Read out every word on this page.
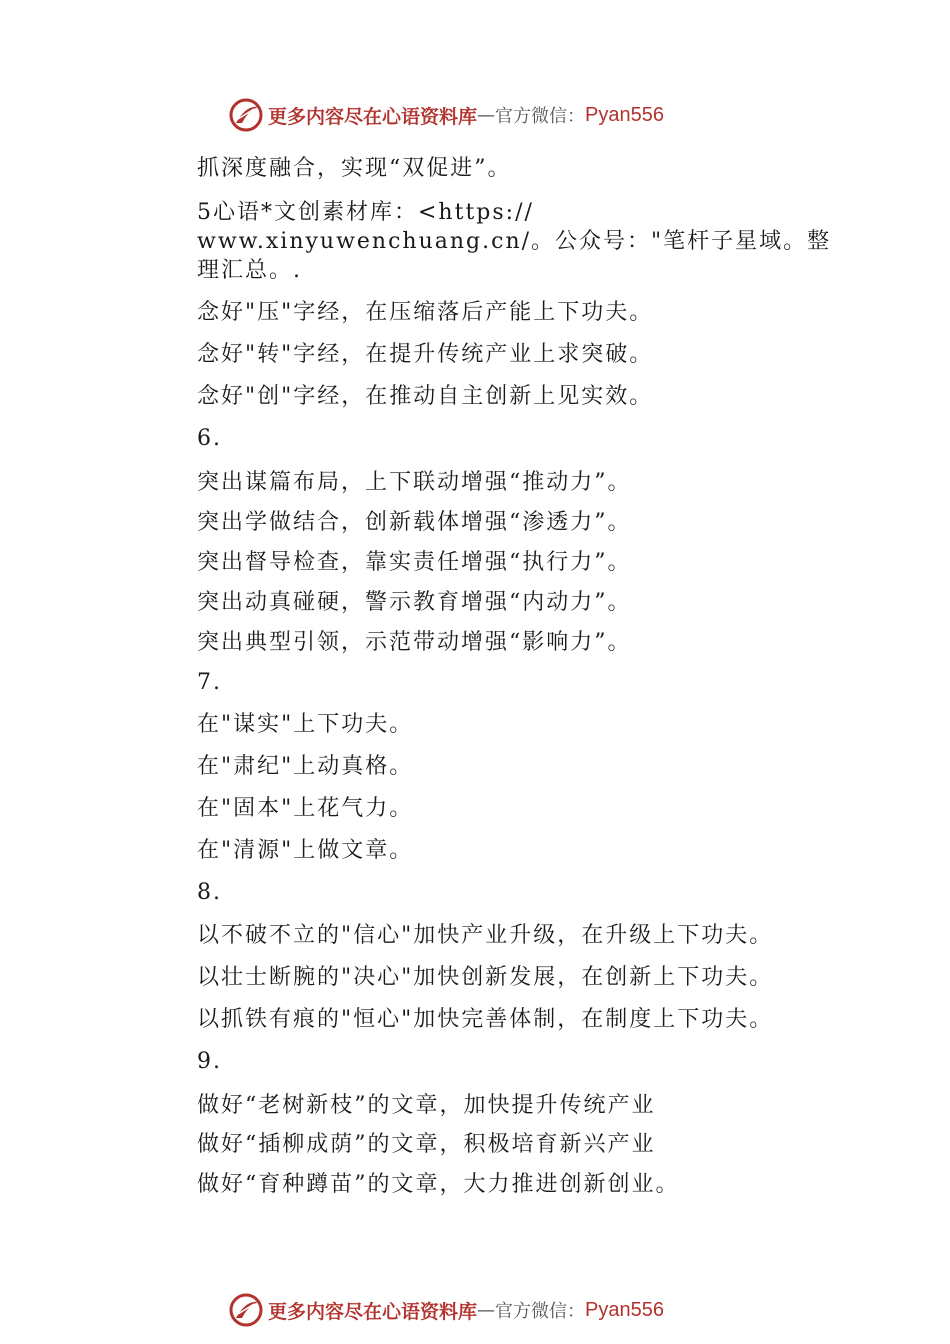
更多内容尽在心语资料库 — 官方微信： Pyan556
抓深度融合，实现“双促进”。
5心语*文创素材库：<https://
www.xinyuwenchuang.cn/。公众号："笔杆子星域。整
理汇总。.
念好"压"字经，在压缩落后产能上下功夫。
念好"转"字经，在提升传统产业上求突破。
念好"创"字经，在推动自主创新上见实效。
6.
突出谋篇布局，上下联动增强“推动力”。
突出学做结合，创新载体增强“渗透力”。
突出督导检查，靠实责任增强“执行力”。
突出动真碰硬，警示教育增强“内动力”。
突出典型引领，示范带动增强“影响力”。
7.
在"谋实"上下功夫。
在"肃纪"上动真格。
在"固本"上花气力。
在"清源"上做文章。
8.
以不破不立的"信心"加快产业升级，在升级上下功夫。
以壮士断腕的"决心"加快创新发展，在创新上下功夫。
以抓铁有痕的"恒心"加快完善体制，在制度上下功夫。
9.
做好“老树新枝”的文章，加快提升传统产业
做好“插柳成荫”的文章，积极培育新兴产业
做好“育种蹲苗”的文章，大力推进创新创业。
更多内容尽在心语资料库 — 官方微信： Pyan556
